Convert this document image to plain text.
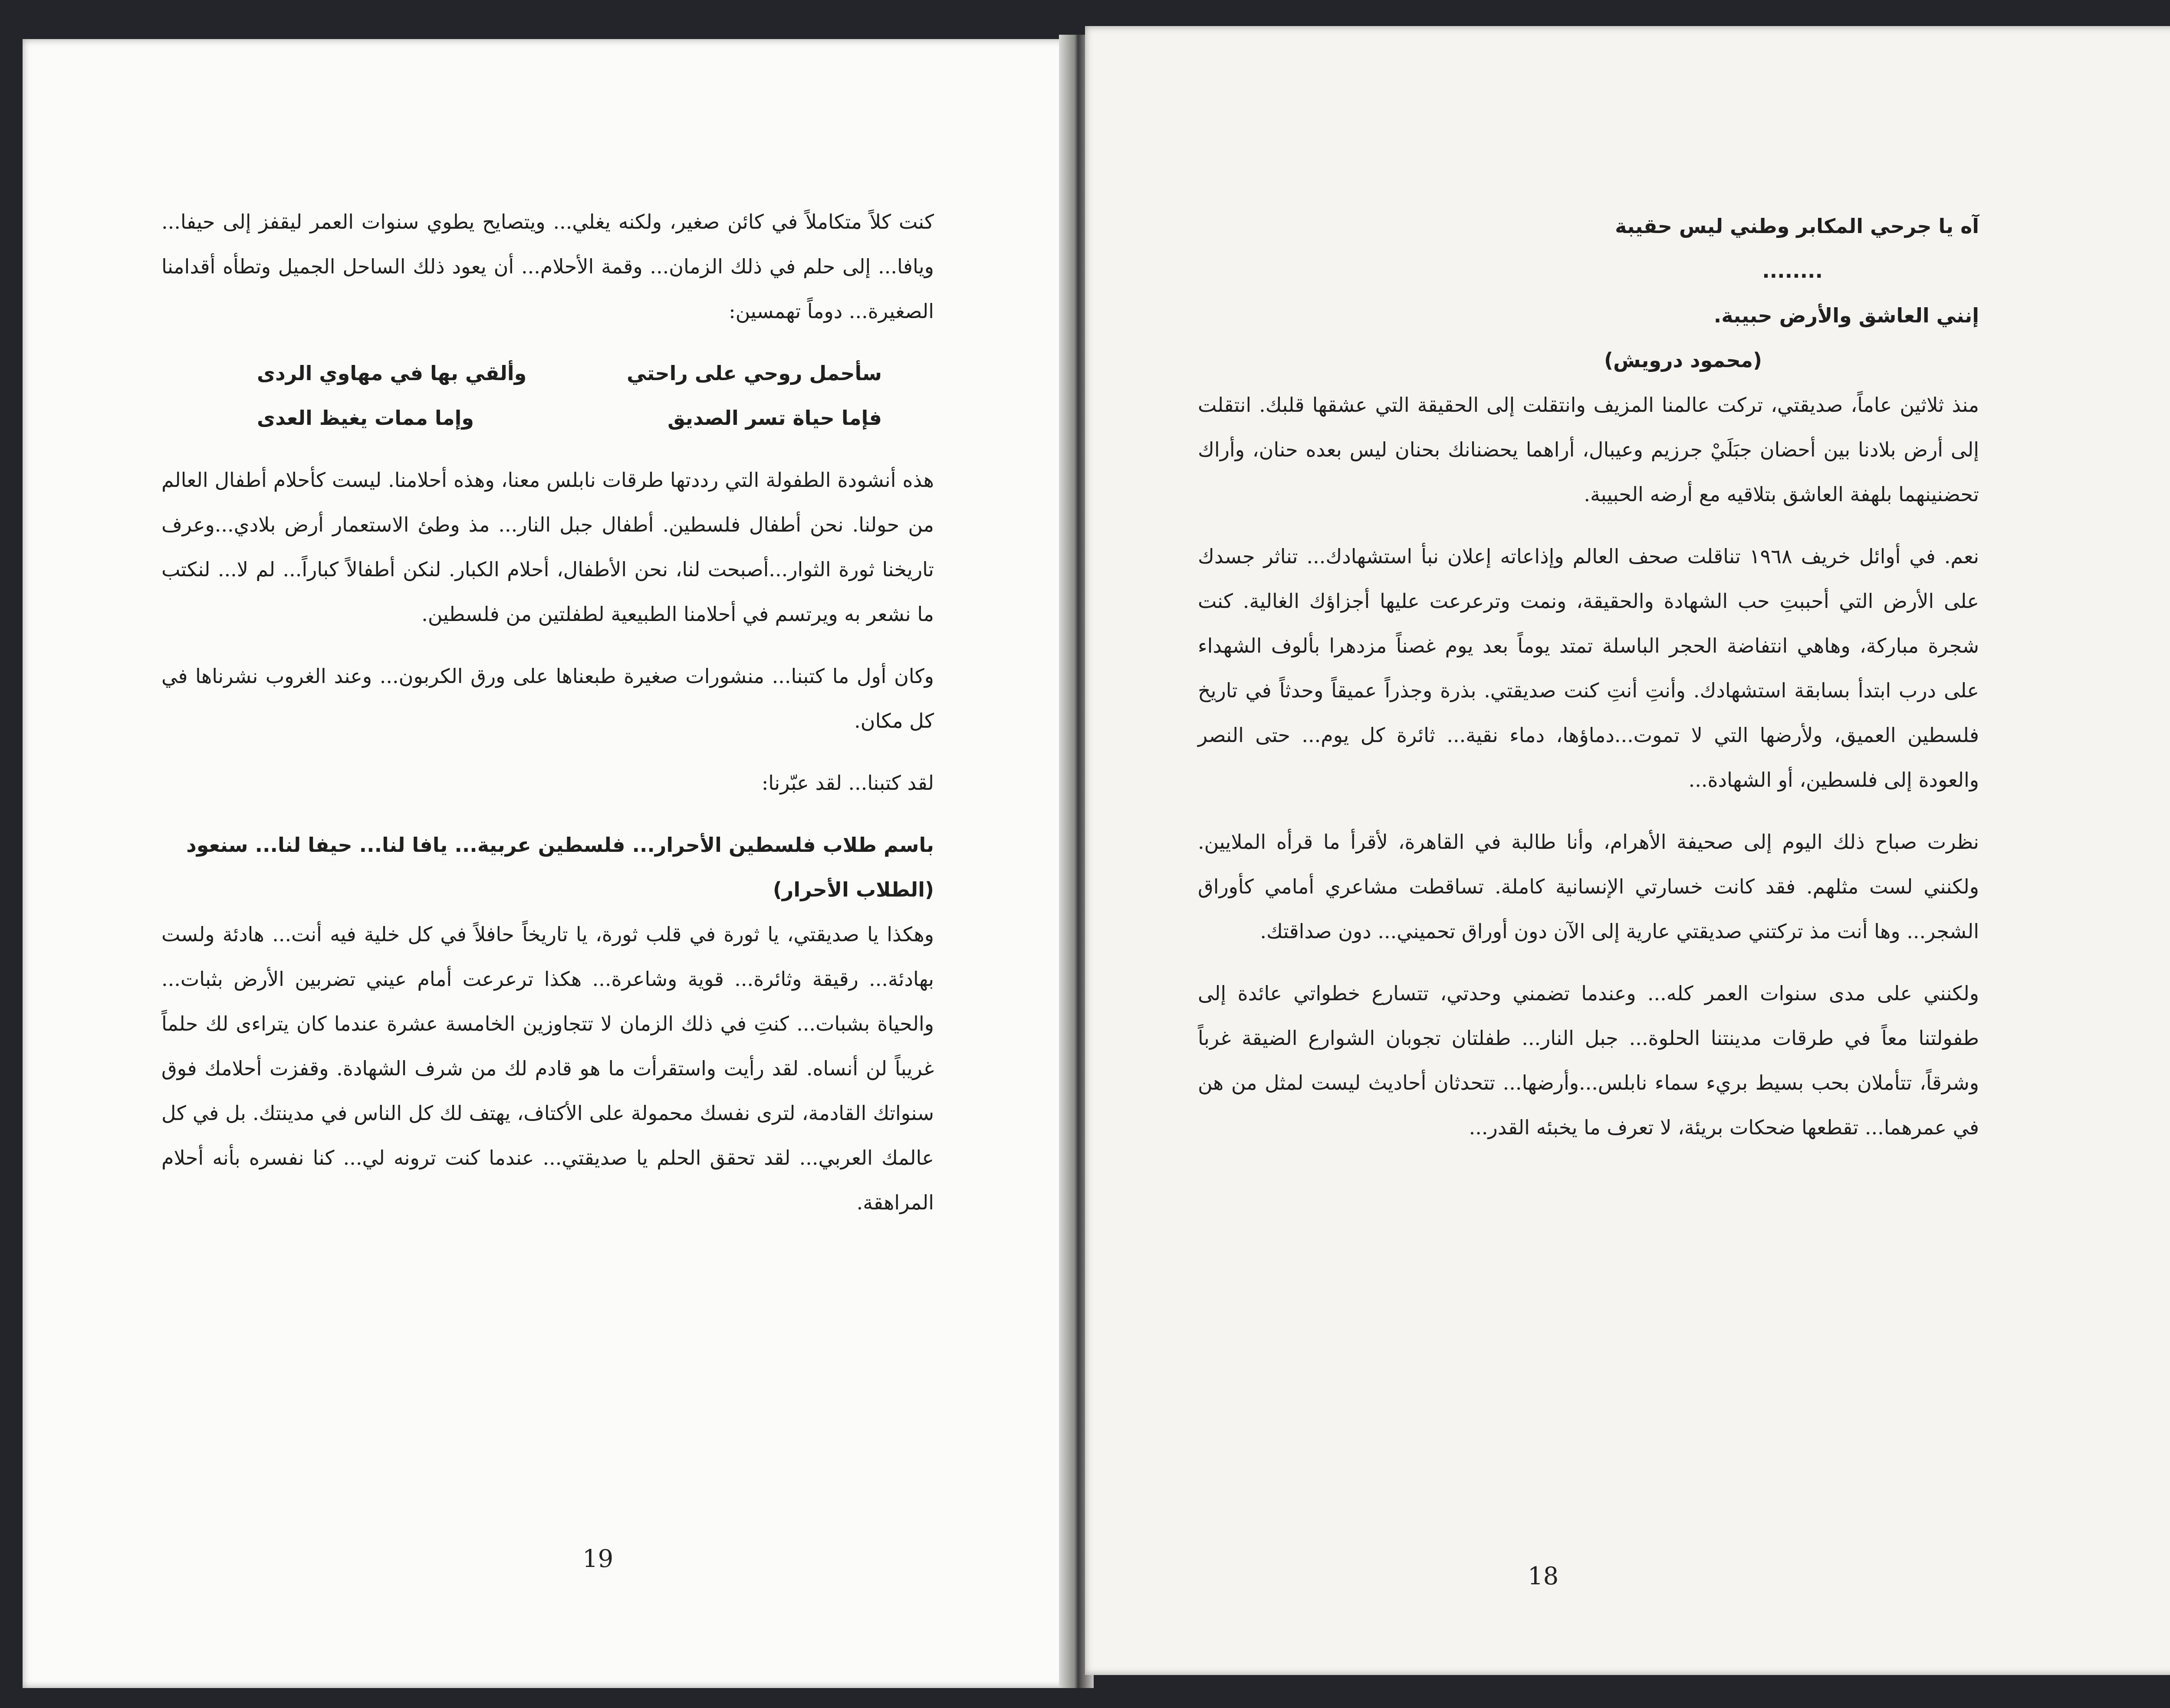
كنت كلاً متكاملاً في كائن صغير، ولكنه يغلي... ويتصايح يطوي سنوات العمر ليقفز إلى حيفا... ويافا... إلى حلم في ذلك الزمان... وقمة الأحلام... أن يعود ذلك الساحل الجميل وتطأه أقدامنا الصغيرة... دوماً تهمسين:

سأحمل روحي على راحتي
وألقي بها في مهاوي الردى
فإما حياة تسر الصديق
وإما ممات يغيظ العدى

هذه أنشودة الطفولة التي رددتها طرقات نابلس معنا، وهذه أحلامنا. ليست كأحلام أطفال العالم من حولنا. نحن أطفال فلسطين. أطفال جبل النار... مذ وطئ الاستعمار أرض بلادي...وعرف تاريخنا ثورة الثوار...أصبحت لنا، نحن الأطفال، أحلام الكبار. لنكن أطفالاً كباراً... لم لا... لنكتب ما نشعر به ويرتسم في أحلامنا الطبيعية لطفلتين من فلسطين.

وكان أول ما كتبنا... منشورات صغيرة طبعناها على ورق الكربون... وعند الغروب نشرناها في كل مكان.

لقد كتبنا... لقد عبّرنا:

باسم طلاب فلسطين الأحرار... فلسطين عربية... يافا لنا... حيفا لنا... سنعود

(الطلاب الأحرار)

وهكذا يا صديقتي، يا ثورة في قلب ثورة، يا تاريخاً حافلاً في كل خلية فيه أنت... هادئة ولست بهادئة... رقيقة وثائرة... قوية وشاعرة... هكذا ترعرعت أمام عيني تضربين الأرض بثبات... والحياة بشبات... كنتِ في ذلك الزمان لا تتجاوزين الخامسة عشرة عندما كان يتراءى لك حلماً غريباً لن أنساه. لقد رأيت واستقرأت ما هو قادم لك من شرف الشهادة. وقفزت أحلامك فوق سنواتك القادمة، لترى نفسك محمولة على الأكتاف، يهتف لك كل الناس في مدينتك. بل في كل عالمك العربي... لقد تحقق الحلم يا صديقتي... عندما كنت ترونه لي... كنا نفسره بأنه أحلام المراهقة.

19

آه يا جرحي المكابر وطني ليس حقيبة

........

إنني العاشق والأرض حبيبة.

(محمود درويش)

منذ ثلاثين عاماً، صديقتي، تركت عالمنا المزيف وانتقلت إلى الحقيقة التي عشقها قلبك. انتقلت إلى أرض بلادنا بين أحضان جبَلَيْ جرزيم وعيبال، أراهما يحضنانك بحنان ليس بعده حنان، وأراك تحضنينهما بلهفة العاشق بتلاقيه مع أرضه الحبيبة.

نعم. في أوائل خريف ١٩٦٨ تناقلت صحف العالم وإذاعاته إعلان نبأ استشهادك... تناثر جسدك على الأرض التي أحببتِ حب الشهادة والحقيقة، ونمت وترعرعت عليها أجزاؤك الغالية. كنت شجرة مباركة، وهاهي انتفاضة الحجر الباسلة تمتد يوماً بعد يوم غصناً مزدهرا بألوف الشهداء على درب ابتدأ بسابقة استشهادك. وأنتِ أنتِ كنت صديقتي. بذرة وجذراً عميقاً وحدثاً في تاريخ فلسطين العميق، ولأرضها التي لا تموت...دماؤها، دماء نقية... ثائرة كل يوم... حتى النصر والعودة إلى فلسطين، أو الشهادة...

نظرت صباح ذلك اليوم إلى صحيفة الأهرام، وأنا طالبة في القاهرة، لأقرأ ما قرأه الملايين. ولكنني لست مثلهم. فقد كانت خسارتي الإنسانية كاملة. تساقطت مشاعري أمامي كأوراق الشجر... وها أنت مذ تركتني صديقتي عارية إلى الآن دون أوراق تحميني... دون صداقتك.

ولكنني على مدى سنوات العمر كله... وعندما تضمني وحدتي، تتسارع خطواتي عائدة إلى طفولتنا معاً في طرقات مدينتنا الحلوة... جبل النار... طفلتان تجوبان الشوارع الضيقة غرباً وشرقاً، تتأملان بحب بسيط بريء سماء نابلس...وأرضها... تتحدثان أحاديث ليست لمثل من هن في عمرهما... تقطعها ضحكات بريئة، لا تعرف ما يخبئه القدر...

18
